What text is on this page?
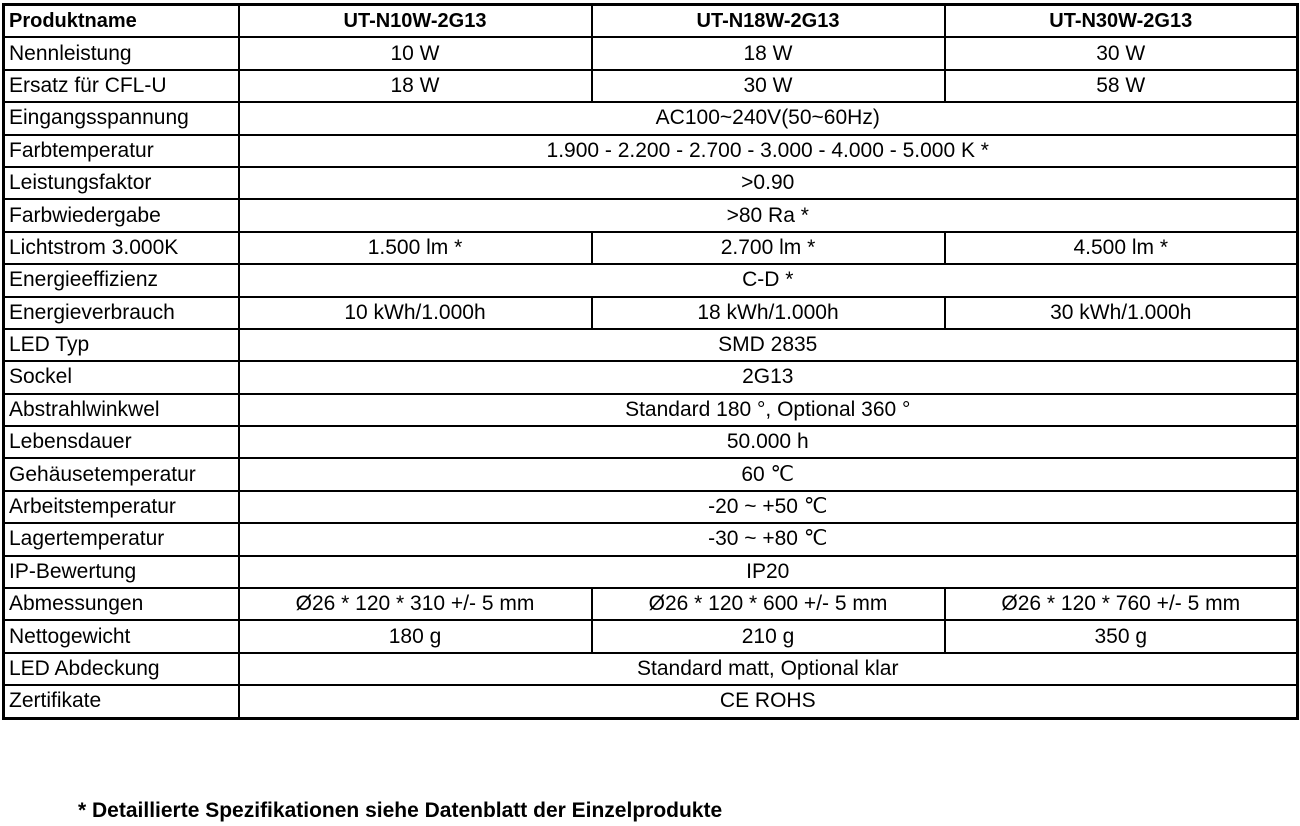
Produktname	UT-N10W-2G13	UT-N18W-2G13	UT-N30W-2G13
Nennleistung	10 W	18 W	30 W
Ersatz für CFL-U	18 W	30 W	58 W
Eingangsspannung	AC100~240V(50~60Hz)		
Farbtemperatur	1.900 - 2.200 - 2.700 - 3.000 - 4.000 - 5.000 K *		
Leistungsfaktor	>0.90		
Farbwiedergabe	>80 Ra *		
Lichtstrom 3.000K	1.500 lm *	2.700 lm *	4.500 lm *
Energieeffizienz	C-D *		
Energieverbrauch	10 kWh/1.000h	18 kWh/1.000h	30 kWh/1.000h
LED Typ	SMD 2835		
Sockel	2G13		
Abstrahlwinkwel	Standard 180 °, Optional 360 °		
Lebensdauer	50.000 h		
Gehäusetemperatur	60 ℃		
Arbeitstemperatur	-20 ~ +50 ℃		
Lagertemperatur	-30 ~ +80 ℃		
IP-Bewertung	IP20		
Abmessungen	Ø26 * 120 * 310 +/- 5 mm	Ø26 * 120 * 600 +/- 5 mm	Ø26 * 120 * 760 +/- 5 mm
Nettogewicht	180 g	210 g	350 g
LED Abdeckung	Standard matt, Optional klar		
Zertifikate	CE ROHS		
* Detaillierte Spezifikationen siehe Datenblatt der Einzelprodukte
